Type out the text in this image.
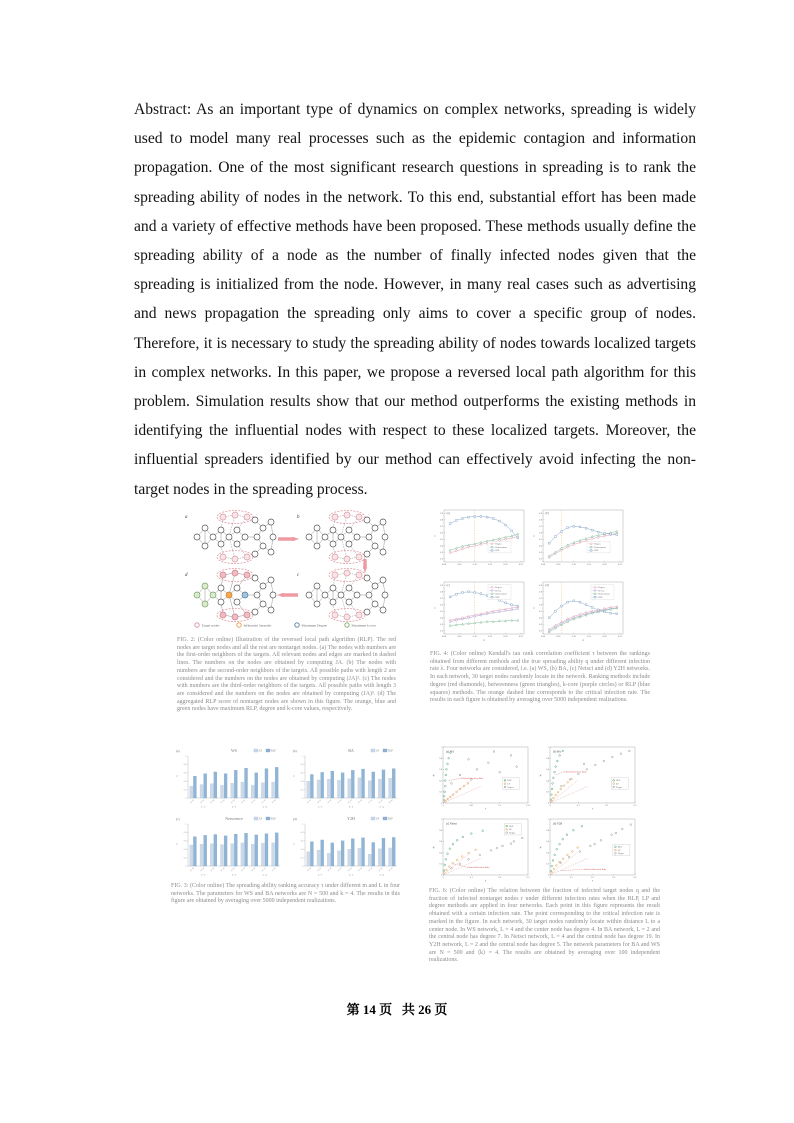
Abstract: As an important type of dynamics on complex networks, spreading is widely used to model many real processes such as the epidemic contagion and information propagation. One of the most significant research questions in spreading is to rank the spreading ability of nodes in the network. To this end, substantial effort has been made and a variety of effective methods have been proposed. These methods usually define the spreading ability of a node as the number of finally infected nodes given that the spreading is initialized from the node. However, in many real cases such as advertising and news propagation the spreading only aims to cover a specific group of nodes. Therefore, it is necessary to study the spreading ability of nodes towards localized targets in complex networks. In this paper, we propose a reversed local path algorithm for this problem. Simulation results show that our method outperforms the existing methods in identifying the influential nodes with respect to these localized targets. Moreover, the influential spreaders identified by our method can effectively avoid infecting the non-target nodes in the spreading process.

a	b
c
d
Target nodes	Influential Spreader	Maximum Degree	Maximum k-core
FIG. 2: (Color online) Illustration of the reversed local path algorithm (RLP). The red nodes are target nodes and all the rest are nontarget nodes. (a) The nodes with numbers are the first-order neighbors of the targets. All relevant nodes and edges are marked in dashed lines. The numbers on the nodes are obtained by computing JA. (b) The nodes with numbers are the second-order neighbors of the targets. All possible paths with length 2 are considered and the numbers on the nodes are obtained by computing (JA)². (c) The nodes with numbers are the third-order neighbors of the targets. All possible paths with length 3 are considered and the numbers on the nodes are obtained by computing (JA)³. (d) The aggregated RLP score of nontarget nodes are shown in this figure. The orange, blue and green nodes have maximum RLP, degree and k-core values, respectively.
0.00	0.05	0.10	0.15	0.20	0.25
0.2
0.3
0.4
0.5
0.6
0.7
0.8
0.9
τ
(a)
Degree
Betweenness
RLP
0.00	0.05	0.10	0.15	0.20	0.25
0.2
0.3
0.4
0.5
0.6
0.7
0.8
0.9
τ
(b)
Degree
Betweenness
RLP
0.00	0.05	0.10	0.15	0.20	0.25
0.2
0.3
0.4
0.5
0.6
0.7
0.8
0.9
λ
τ
(c)
Degree
K-core
Betweenness
RLP
0.00	0.05	0.10	0.15	0.20	0.25
0.2
0.3
0.4
0.5
0.6
0.7
0.8
0.9
λ
τ
(d)
Degree
K-core
Betweenness
RLP
FIG. 4: (Color online) Kendall's tau rank correlation coefficient τ between the rankings obtained from different methods and the true spreading ability q under different infection rate λ. Four networks are considered, i.e. (a) WS, (b) BA, (c) Netsci and (d) Y2H networks. In each network, 30 target nodes randomly locate in the network. Ranking methods include degree (red diamonds), betweenness (green triangles), k-core (purple circles) or RLP (blue squares) methods. The orange dashed line corresponds to the critical infection rate. The results in each figure is obtained by averaging over 5000 independent realizations.
0
0.2
0.4
0.6
0.8
1
WS
(a)
τ
LP	RLP
m=10	m=20	m=30	m=10	m=20	m=30	m=10	m=20	m=30
L=2	L=3	L=4
0
0.2
0.4
0.6
0.8
1
BA
(b)
τ
LP	RLP
m=10	m=20	m=30	m=10	m=20	m=30	m=10	m=20	m=30
L=2	L=3	L=4
0
0.2
0.4
0.6
0.8
1
Netscience
(c)
τ
LP	RLP
m=10	m=20	m=30	m=10	m=20	m=30	m=10	m=20	m=30
L=2	L=3	L=4
0
0.2
0.4
0.6
0.8
1
Y2H
(d)
τ
LP	RLP
m=10	m=20	m=30	m=10	m=20	m=30	m=10	m=20	m=30
L=2	L=3	L=4
FIG. 3: (Color online) The spreading ability ranking accuracy τ under different m and L in four networks. The parameters for WS and BA networks are N = 500 and k = 4. The results in this figure are obtained by averaging over 5000 independent realizations.
0	0.05	0.1	0.15
0
0.2
0.4
0.6
0.8
1
r
q
(a) WS
Critical Infection Rate
RLP
LP
Degree
0	0.1	0.2	0.3
0
0.2
0.4
0.6
0.8
1
r
q
(b) BA
Critical Infection Rate
RLP
LP
Degree
0	0.1	0.2	0.3
0
0.2
0.4
0.6
0.8
1
r
q
(c) Netsci
Critical Infection Rate
RLP
LP
Degree
0	0.1	0.2	0.3	0.4
0
0.2
0.4
0.6
0.8
1
r
q
(d) Y2H
Critical Infection Rate
RLP
LP
Degree
FIG. 6: (Color online) The relation between the fraction of infected target nodes q and the fraction of infected nontarget nodes r under different infection rates when the RLP, LP and degree methods are applied in four networks. Each point in this figure represents the result obtained with a certain infection rate. The point corresponding to the critical infection rate is marked in the figure. In each network, 30 target nodes randomly locate within distance L to a center node. In WS network, L = 4 and the center node has degree 4. In BA network, L = 2 and the central node has degree 7. In Netsci network, L = 4 and the central node has degree 19. In Y2H network, L = 2 and the central node has degree 5. The network parameters for BA and WS are N = 500 and ⟨k⟩ = 4. The results are obtained by averaging over 100 independent realizations.
第 14 页   共 26 页
